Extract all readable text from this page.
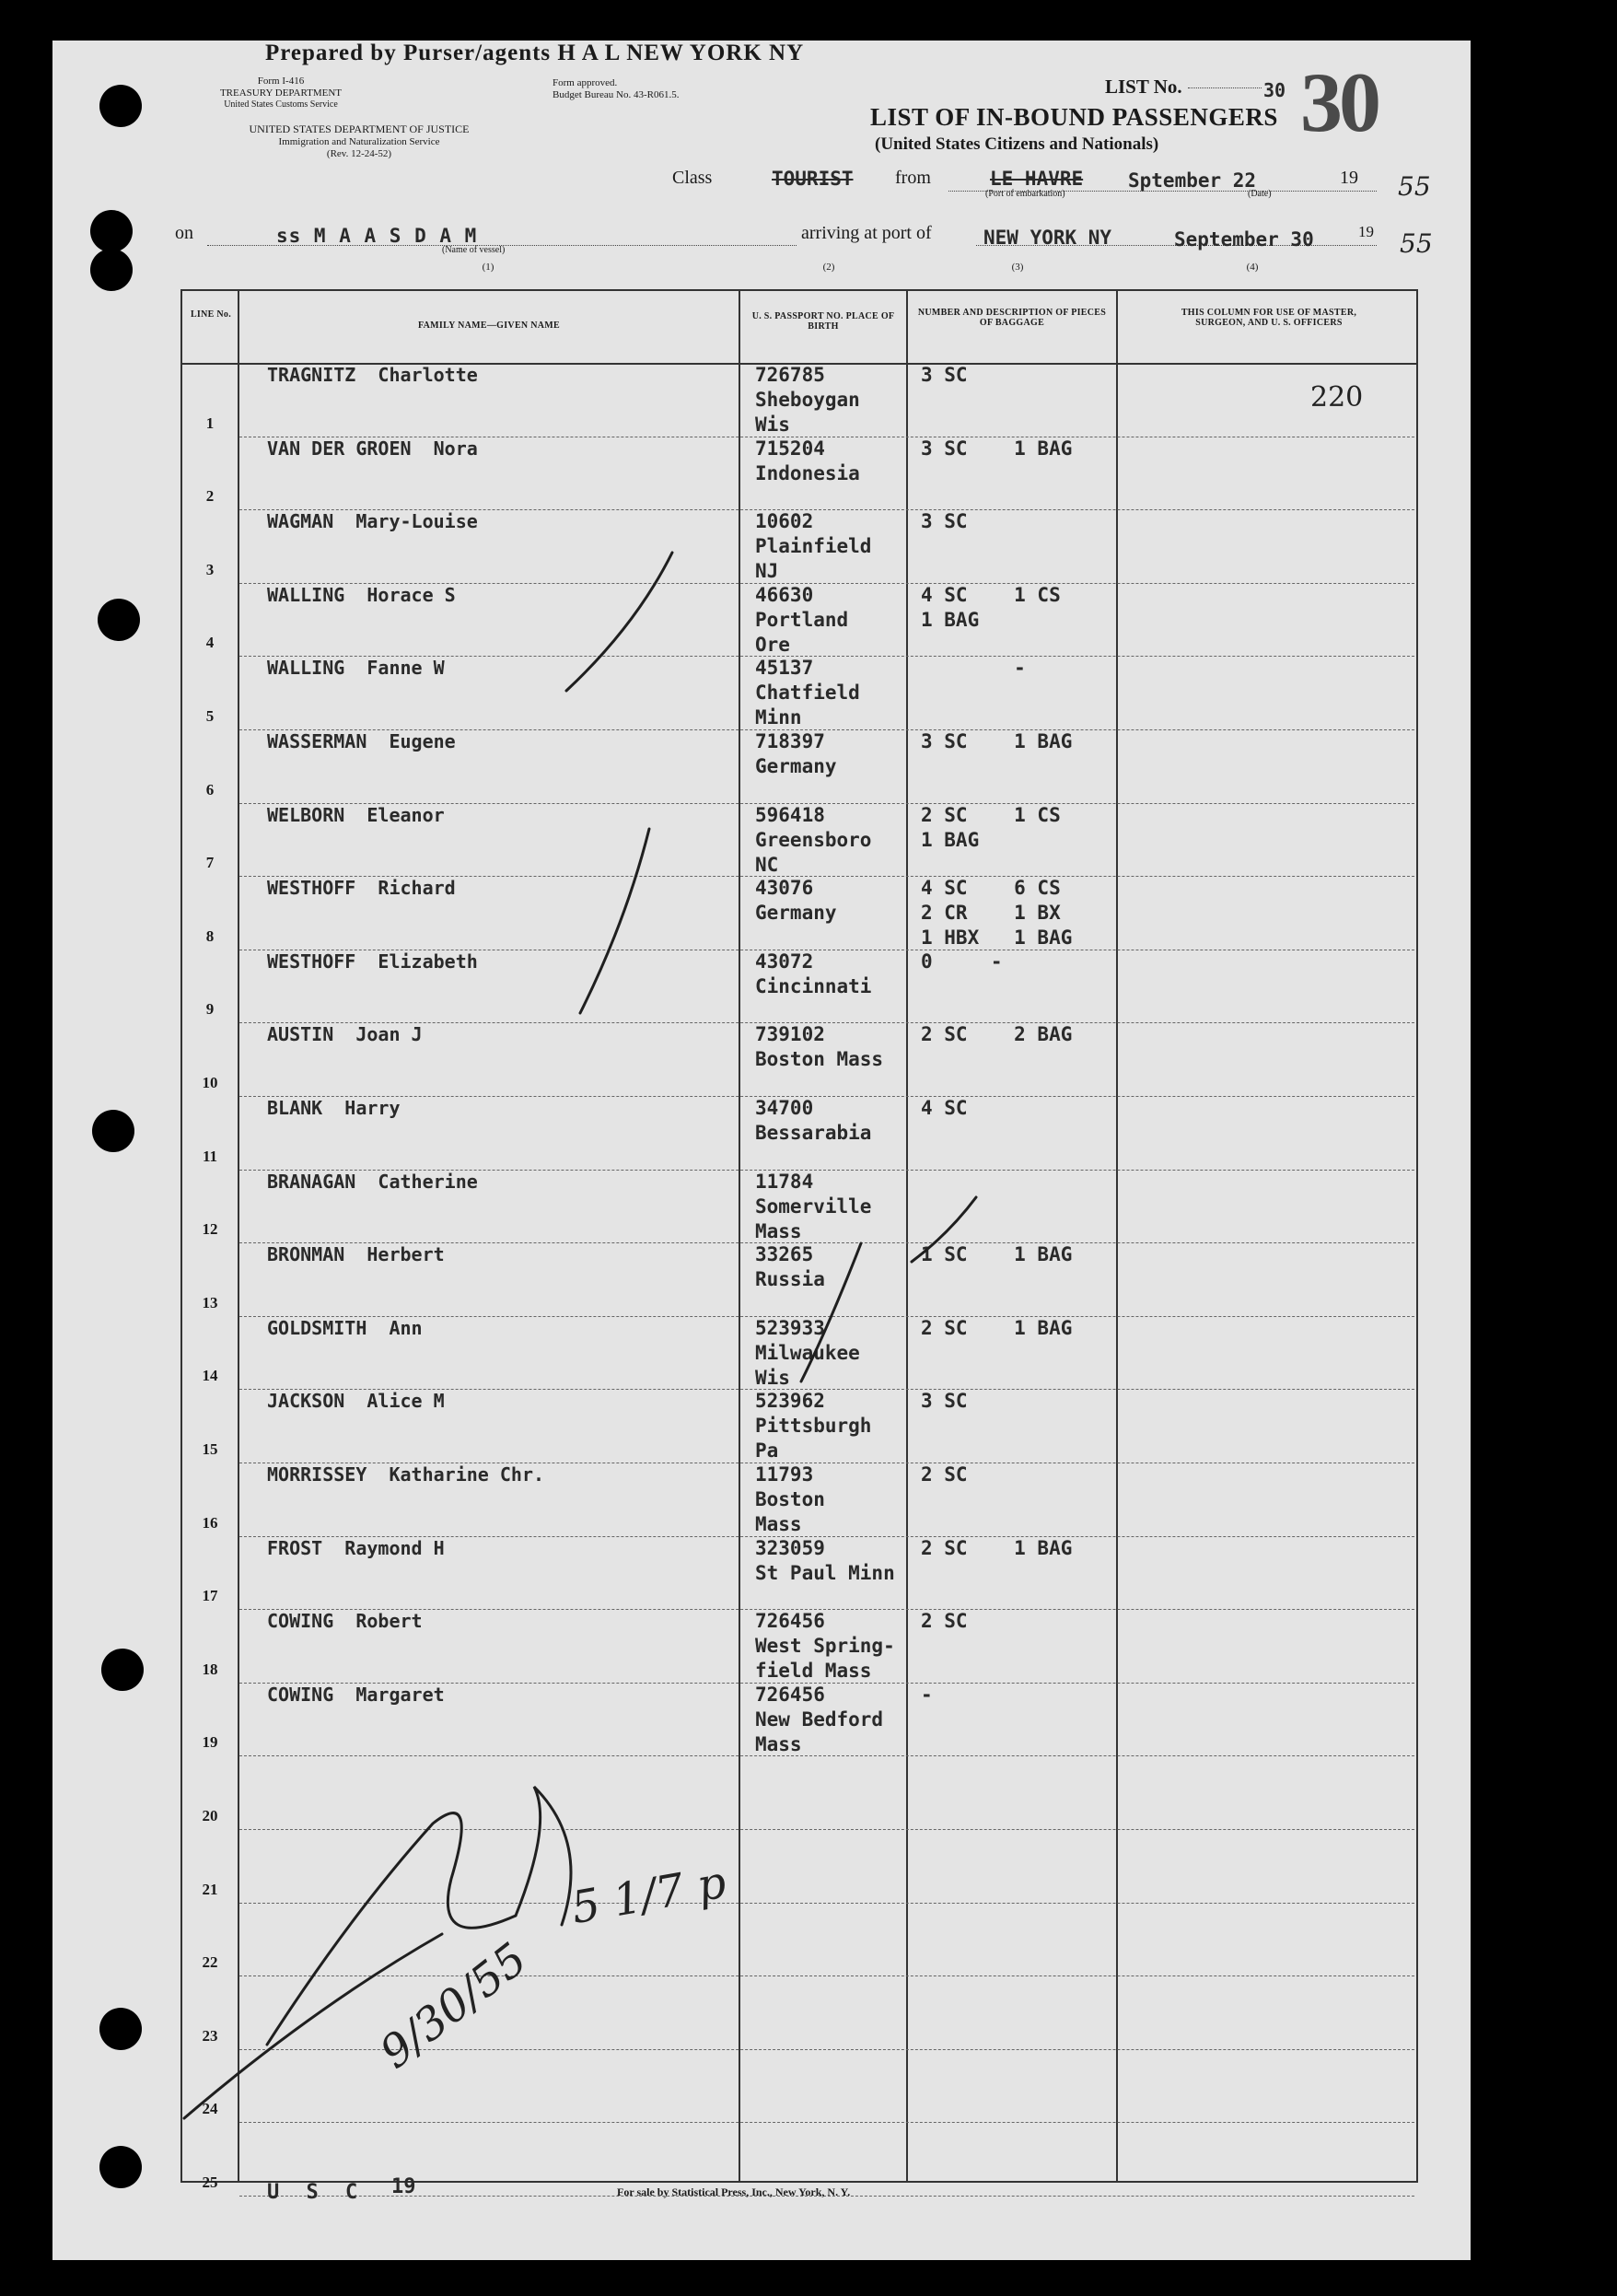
Prepared by Purser/agents H A L NEW YORK NY
Form I-416
TREASURY DEPARTMENT
United States Customs Service
Form approved.
Budget Bureau No. 43-R061.5.
UNITED STATES DEPARTMENT OF JUSTICE
Immigration and Naturalization Service
(Rev. 12-24-52)
LIST No.	30 30
LIST OF IN-BOUND PASSENGERS
(United States Citizens and Nationals)
Class	TOURIST from	LE HAVRE
(Port of embarkation)
Sptember 22
(Date)
19 55
on	ss M A A S D A M
(Name of vessel)
arriving at port of	NEW YORK NY	September 30	19 55
(1)	(2)	(3)	(4)
LINE No.
FAMILY NAME—GIVEN NAME
U. S. PASSPORT NO. PLACE OF BIRTH
NUMBER AND DESCRIPTION OF PIECES OF BAGGAGE
THIS COLUMN FOR USE OF MASTER, SURGEON, AND U. S. OFFICERS
1
TRAGNITZ  Charlotte	726785
Sheboygan
Wis
3 SC
2
VAN DER GROEN  Nora	715204
Indonesia
3 SC    1 BAG
3
WAGMAN  Mary-Louise	10602
Plainfield
NJ
3 SC
4
WALLING  Horace S	46630
Portland
Ore
4 SC    1 CS
1 BAG
5
WALLING  Fanne W	45137
Chatfield
Minn
-
6
WASSERMAN  Eugene	718397
Germany
3 SC    1 BAG
7
WELBORN  Eleanor	596418
Greensboro
NC
2 SC    1 CS
1 BAG
8
WESTHOFF  Richard	43076
Germany
4 SC    6 CS
2 CR    1 BX
1 HBX   1 BAG
9
WESTHOFF  Elizabeth	43072
Cincinnati
0     -
10
AUSTIN  Joan J	739102
Boston Mass
2 SC    2 BAG
11
BLANK  Harry	34700
Bessarabia
4 SC
12
BRANAGAN  Catherine	11784
Somerville
Mass
13
BRONMAN  Herbert	33265
Russia
1 SC    1 BAG
14
GOLDSMITH  Ann	523933
Milwaukee
Wis
2 SC    1 BAG
15
JACKSON  Alice M	523962
Pittsburgh
Pa
3 SC
16
MORRISSEY  Katharine Chr.	11793
Boston
Mass
2 SC
17
FROST  Raymond H	323059
St Paul Minn
2 SC    1 BAG
18
COWING  Robert	726456
West Spring-
field Mass
2 SC
19
COWING  Margaret	726456
New Bedford
Mass
-
20
21
22
23
24
25
220
9/30/55
5 1/7 p
U S C 19	For sale by Statistical Press, Inc., New York, N. Y.
